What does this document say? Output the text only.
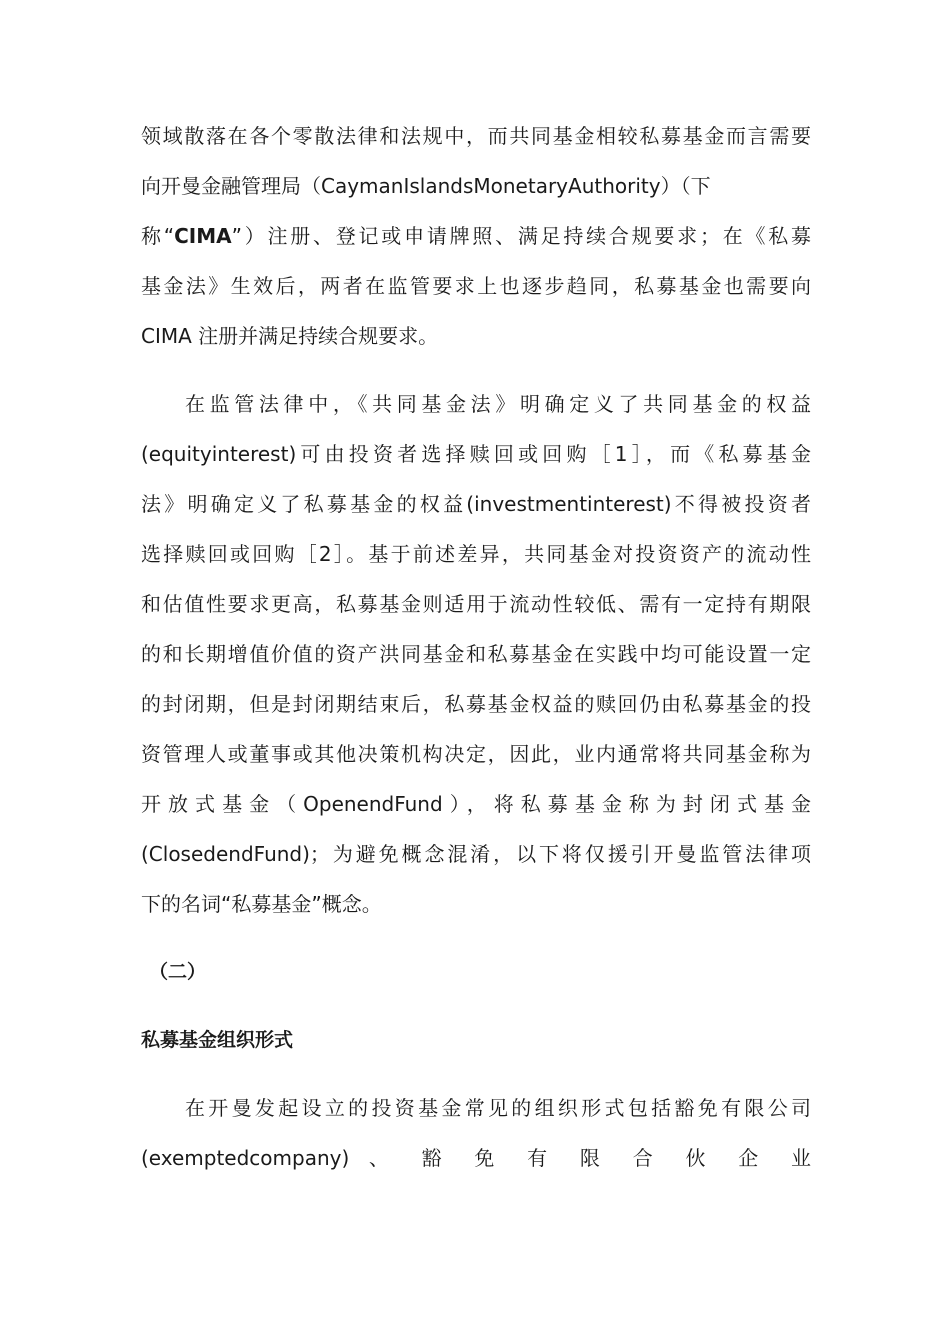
领域散落在各个零散法律和法规中，而共同基金相较私募基金而言需要
向开曼金融管理局（CaymanIslandsMonetaryAuthority）（下
称“CIMA”）注册、登记或申请牌照、满足持续合规要求；在《私募
基金法》生效后，两者在监管要求上也逐步趋同，私募基金也需要向
CIMA 注册并满足持续合规要求。
在监管法律中，《共同基金法》明确定义了共同基金的权益
(equityinterest)可由投资者选择赎回或回购［1］，而《私募基金
法》明确定义了私募基金的权益(investmentinterest)不得被投资者
选择赎回或回购［2］。基于前述差异，共同基金对投资资产的流动性
和估值性要求更高，私募基金则适用于流动性较低、需有一定持有期限
的和长期增值价值的资产洪同基金和私募基金在实践中均可能设置一定
的封闭期，但是封闭期结束后，私募基金权益的赎回仍由私募基金的投
资管理人或董事或其他决策机构决定，因此，业内通常将共同基金称为
开放式基金（OpenendFund），将私募基金称为封闭式基金
(ClosedendFund)；为避免概念混淆，以下将仅援引开曼监管法律项
下的名词“私募基金”概念。
（二）
私募基金组织形式
在开曼发起设立的投资基金常见的组织形式包括豁免有限公司
(exemptedcompany) 、 豁 免 有 限 合 伙 企 业
